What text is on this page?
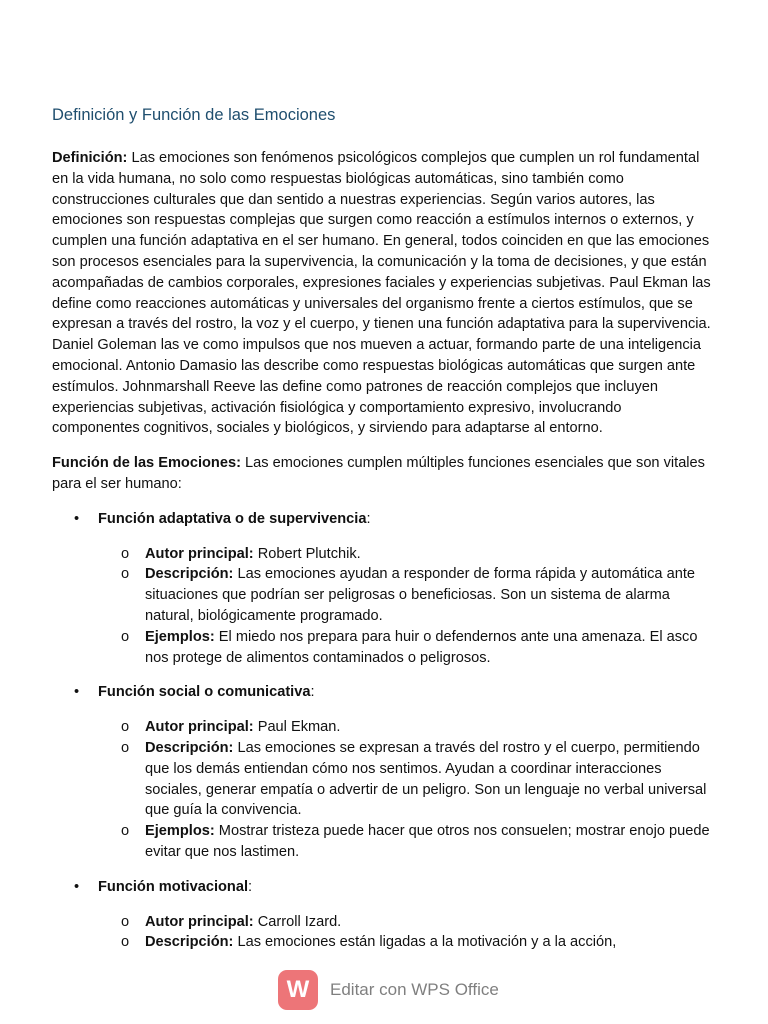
Definición y Función de las Emociones

Definición: Las emociones son fenómenos psicológicos complejos que cumplen un rol fundamental en la vida humana, no solo como respuestas biológicas automáticas, sino también como construcciones culturales que dan sentido a nuestras experiencias. Según varios autores, las emociones son respuestas complejas que surgen como reacción a estímulos internos o externos, y cumplen una función adaptativa en el ser humano. En general, todos coinciden en que las emociones son procesos esenciales para la supervivencia, la comunicación y la toma de decisiones, y que están acompañadas de cambios corporales, expresiones faciales y experiencias subjetivas. Paul Ekman las define como reacciones automáticas y universales del organismo frente a ciertos estímulos, que se expresan a través del rostro, la voz y el cuerpo, y tienen una función adaptativa para la supervivencia. Daniel Goleman las ve como impulsos que nos mueven a actuar, formando parte de una inteligencia emocional. Antonio Damasio las describe como respuestas biológicas automáticas que surgen ante estímulos. Johnmarshall Reeve las define como patrones de reacción complejos que incluyen experiencias subjetivas, activación fisiológica y comportamiento expresivo, involucrando componentes cognitivos, sociales y biológicos, y sirviendo para adaptarse al entorno.

Función de las Emociones: Las emociones cumplen múltiples funciones esenciales que son vitales para el ser humano:

• Función adaptativa o de supervivencia:
o Autor principal: Robert Plutchik.
o Descripción: Las emociones ayudan a responder de forma rápida y automática ante situaciones que podrían ser peligrosas o beneficiosas. Son un sistema de alarma natural, biológicamente programado.
o Ejemplos: El miedo nos prepara para huir o defendernos ante una amenaza. El asco nos protege de alimentos contaminados o peligrosos.
• Función social o comunicativa:
o Autor principal: Paul Ekman.
o Descripción: Las emociones se expresan a través del rostro y el cuerpo, permitiendo que los demás entiendan cómo nos sentimos. Ayudan a coordinar interacciones sociales, generar empatía o advertir de un peligro. Son un lenguaje no verbal universal que guía la convivencia.
o Ejemplos: Mostrar tristeza puede hacer que otros nos consuelen; mostrar enojo puede evitar que nos lastimen.
• Función motivacional:
o Autor principal: Carroll Izard.
o Descripción: Las emociones están ligadas a la motivación y a la acción,
W	Editar con WPS Office
